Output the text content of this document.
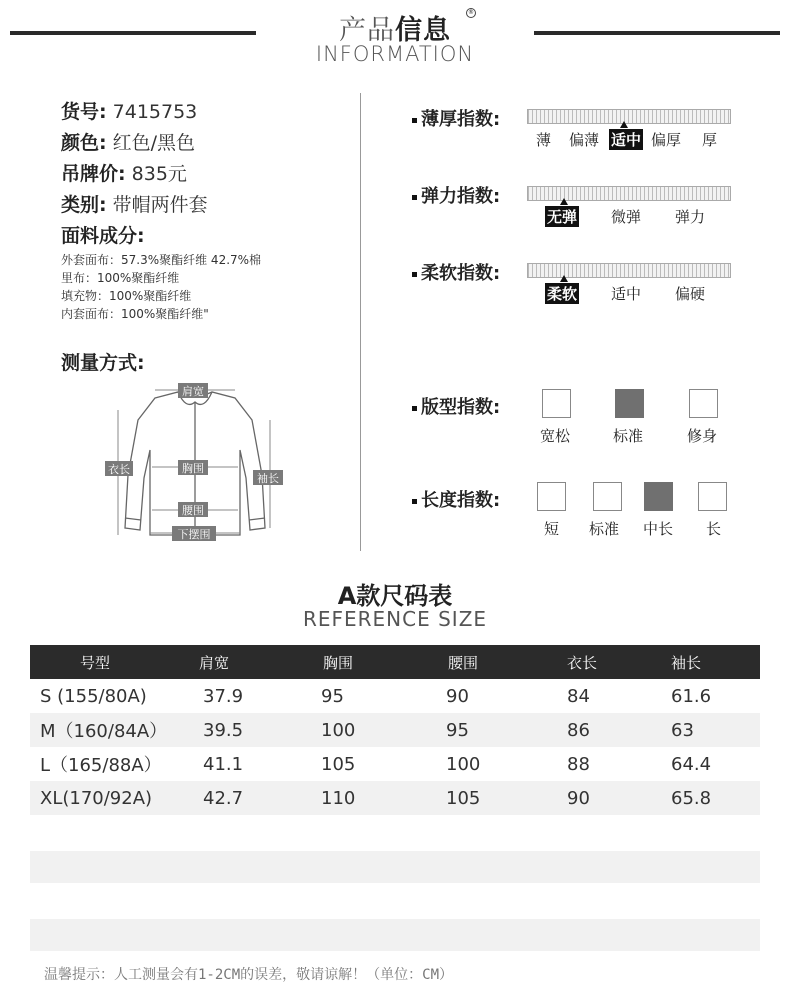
产品信息
®
INFORMATION
货号: 7415753
颜色: 红色/黑色
吊牌价: 835元
类别: 带帽两件套
面料成分:
外套面布：57.3%聚酯纤维 42.7%棉
里布：100%聚酯纤维
填充物：100%聚酯纤维
内套面布：100%聚酯纤维"
测量方式:
肩宽
衣长	胸围
袖长
腰围
下摆围
薄厚指数:
薄 偏薄 适中 偏厚 厚
弹力指数:
无弹 微弹 弹力
柔软指数:
柔软 适中 偏硬
版型指数:
宽松	标准	修身
长度指数:
短 标准 中长 长
A款尺码表
REFERENCE SIZE
号型	肩宽	胸围	腰围	衣长	袖长
S (155/80A)	37.9	95	90	84	61.6
M（160/84A）	39.5	100	95	86	63
L（165/88A）	41.1	105	100	88	64.4
XL(170/92A)	42.7	110	105	90	65.8
温馨提示：人工测量会有1-2CM的误差，敬请谅解！（单位：CM）
